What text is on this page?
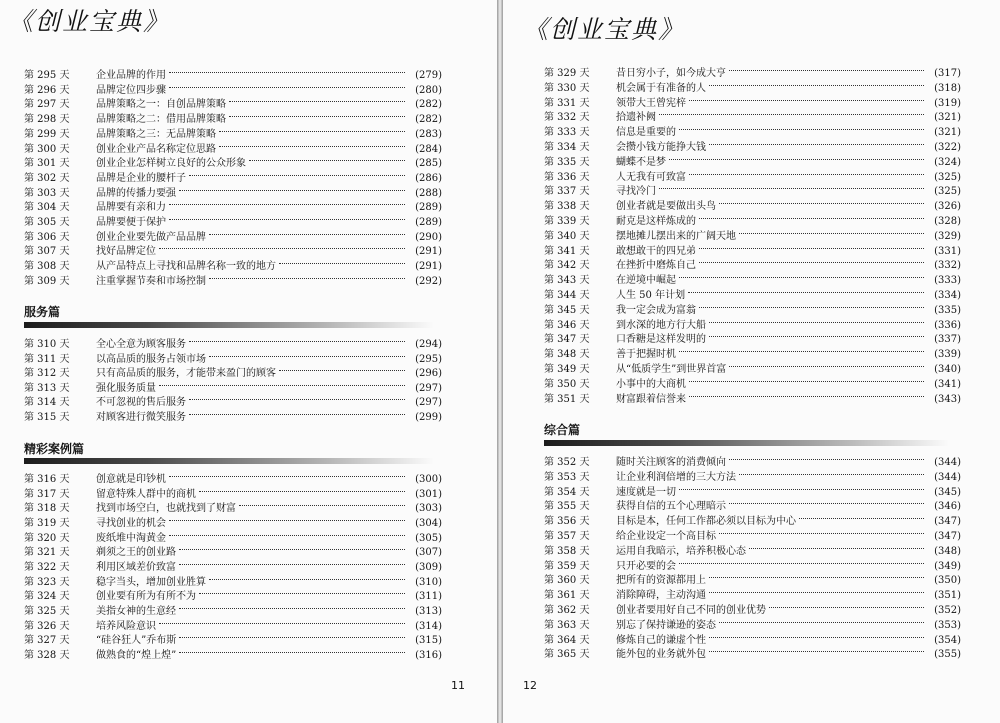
《创业宝典》
服务篇
精彩案例篇
第 295 天	企业品牌的作用	(279)
第 296 天	品牌定位四步骤	(280)
第 297 天	品牌策略之一：自创品牌策略	(282)
第 298 天	品牌策略之二：借用品牌策略	(282)
第 299 天	品牌策略之三：无品牌策略	(283)
第 300 天	创业企业产品名称定位思路	(284)
第 301 天	创业企业怎样树立良好的公众形象	(285)
第 302 天	品牌是企业的腰杆子	(286)
第 303 天	品牌的传播力要强	(288)
第 304 天	品牌要有亲和力	(289)
第 305 天	品牌要便于保护	(289)
第 306 天	创业企业要先做产品品牌	(290)
第 307 天	找好品牌定位	(291)
第 308 天	从产品特点上寻找和品牌名称一致的地方	(291)
第 309 天	注重掌握节奏和市场控制	(292)
第 310 天	全心全意为顾客服务	(294)
第 311 天	以高品质的服务占领市场	(295)
第 312 天	只有高品质的服务，才能带来盈门的顾客	(296)
第 313 天	强化服务质量	(297)
第 314 天	不可忽视的售后服务	(297)
第 315 天	对顾客进行微笑服务	(299)
第 316 天	创意就是印钞机	(300)
第 317 天	留意特殊人群中的商机	(301)
第 318 天	找到市场空白，也就找到了财富	(303)
第 319 天	寻找创业的机会	(304)
第 320 天	废纸堆中淘黄金	(305)
第 321 天	剃须之王的创业路	(307)
第 322 天	利用区域差价致富	(309)
第 323 天	稳字当头，增加创业胜算	(310)
第 324 天	创业要有所为有所不为	(311)
第 325 天	美指女神的生意经	(313)
第 326 天	培养风险意识	(314)
第 327 天	“硅谷狂人”乔布斯	(315)
第 328 天	做熟食的“煌上煌”	(316)
11
《创业宝典》
综合篇
第 329 天	昔日穷小子，如今成大亨	(317)
第 330 天	机会属于有准备的人	(318)
第 331 天	领带大王曾宪梓	(319)
第 332 天	拾遗补阙	(321)
第 333 天	信息是重要的	(321)
第 334 天	会攒小钱方能挣大钱	(322)
第 335 天	蝴蝶不是梦	(324)
第 336 天	人无我有可致富	(325)
第 337 天	寻找冷门	(325)
第 338 天	创业者就是要做出头鸟	(326)
第 339 天	耐克是这样炼成的	(328)
第 340 天	摆地摊儿摆出来的广阔天地	(329)
第 341 天	敢想敢干的四兄弟	(331)
第 342 天	在挫折中磨炼自己	(332)
第 343 天	在逆境中崛起	(333)
第 344 天	人生 50 年计划	(334)
第 345 天	我一定会成为富翁	(335)
第 346 天	到水深的地方行大船	(336)
第 347 天	口香糖是这样发明的	(337)
第 348 天	善于把握时机	(339)
第 349 天	从“低质学生”到世界首富	(340)
第 350 天	小事中的大商机	(341)
第 351 天	财富跟着信誉来	(343)
第 352 天	随时关注顾客的消费倾向	(344)
第 353 天	让企业利润倍增的三大方法	(344)
第 354 天	速度就是一切	(345)
第 355 天	获得自信的五个心理暗示	(346)
第 356 天	目标是本，任何工作都必须以目标为中心	(347)
第 357 天	给企业设定一个高目标	(347)
第 358 天	运用自我暗示，培养积极心态	(348)
第 359 天	只开必要的会	(349)
第 360 天	把所有的资源都用上	(350)
第 361 天	消除障碍，主动沟通	(351)
第 362 天	创业者要用好自己不同的创业优势	(352)
第 363 天	别忘了保持谦逊的姿态	(353)
第 364 天	修炼自己的谦虚个性	(354)
第 365 天	能外包的业务就外包	(355)
12
